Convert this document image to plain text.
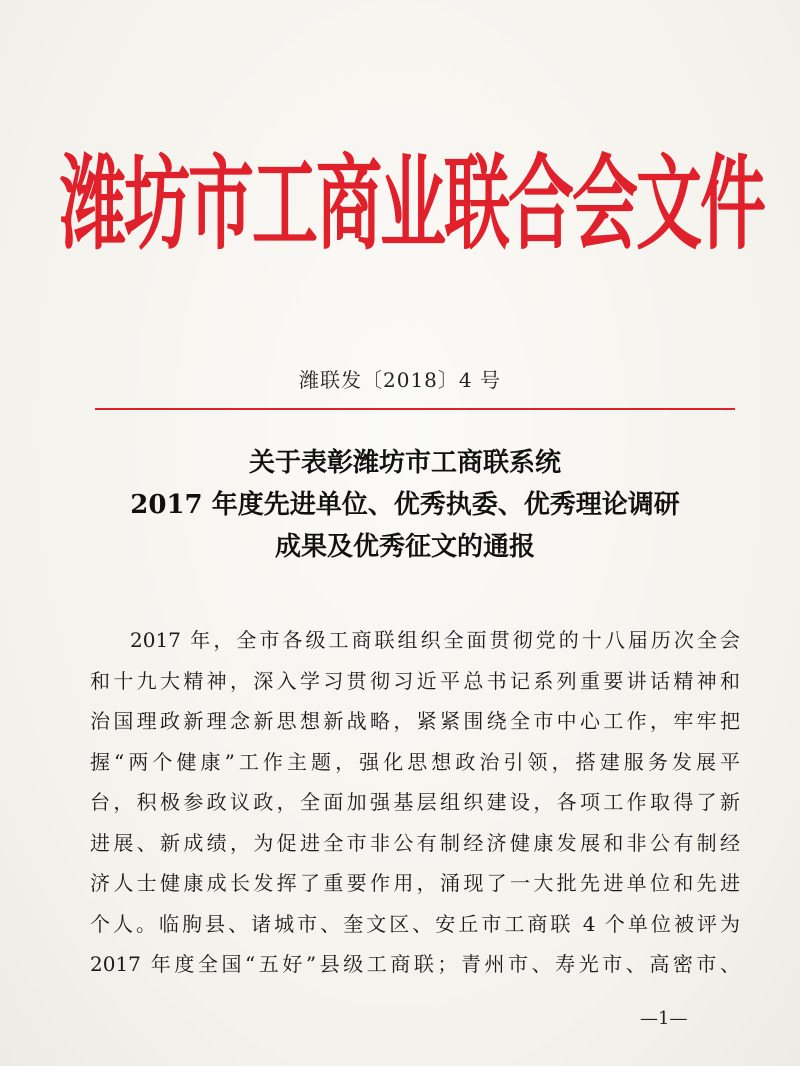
潍坊市工商业联合会文件
潍联发〔2018〕4 号
关于表彰潍坊市工商联系统
2017 年度先进单位、优秀执委、优秀理论调研
成果及优秀征文的通报
2017 年，全市各级工商联组织全面贯彻党的十八届历次全会
和十九大精神，深入学习贯彻习近平总书记系列重要讲话精神和
治国理政新理念新思想新战略，紧紧围绕全市中心工作，牢牢把
握“两个健康”工作主题，强化思想政治引领，搭建服务发展平
台，积极参政议政，全面加强基层组织建设，各项工作取得了新
进展、新成绩，为促进全市非公有制经济健康发展和非公有制经
济人士健康成长发挥了重要作用，涌现了一大批先进单位和先进
个人。临朐县、诸城市、奎文区、安丘市工商联 4 个单位被评为
2017 年度全国“五好”县级工商联；青州市、寿光市、高密市、
—1—
